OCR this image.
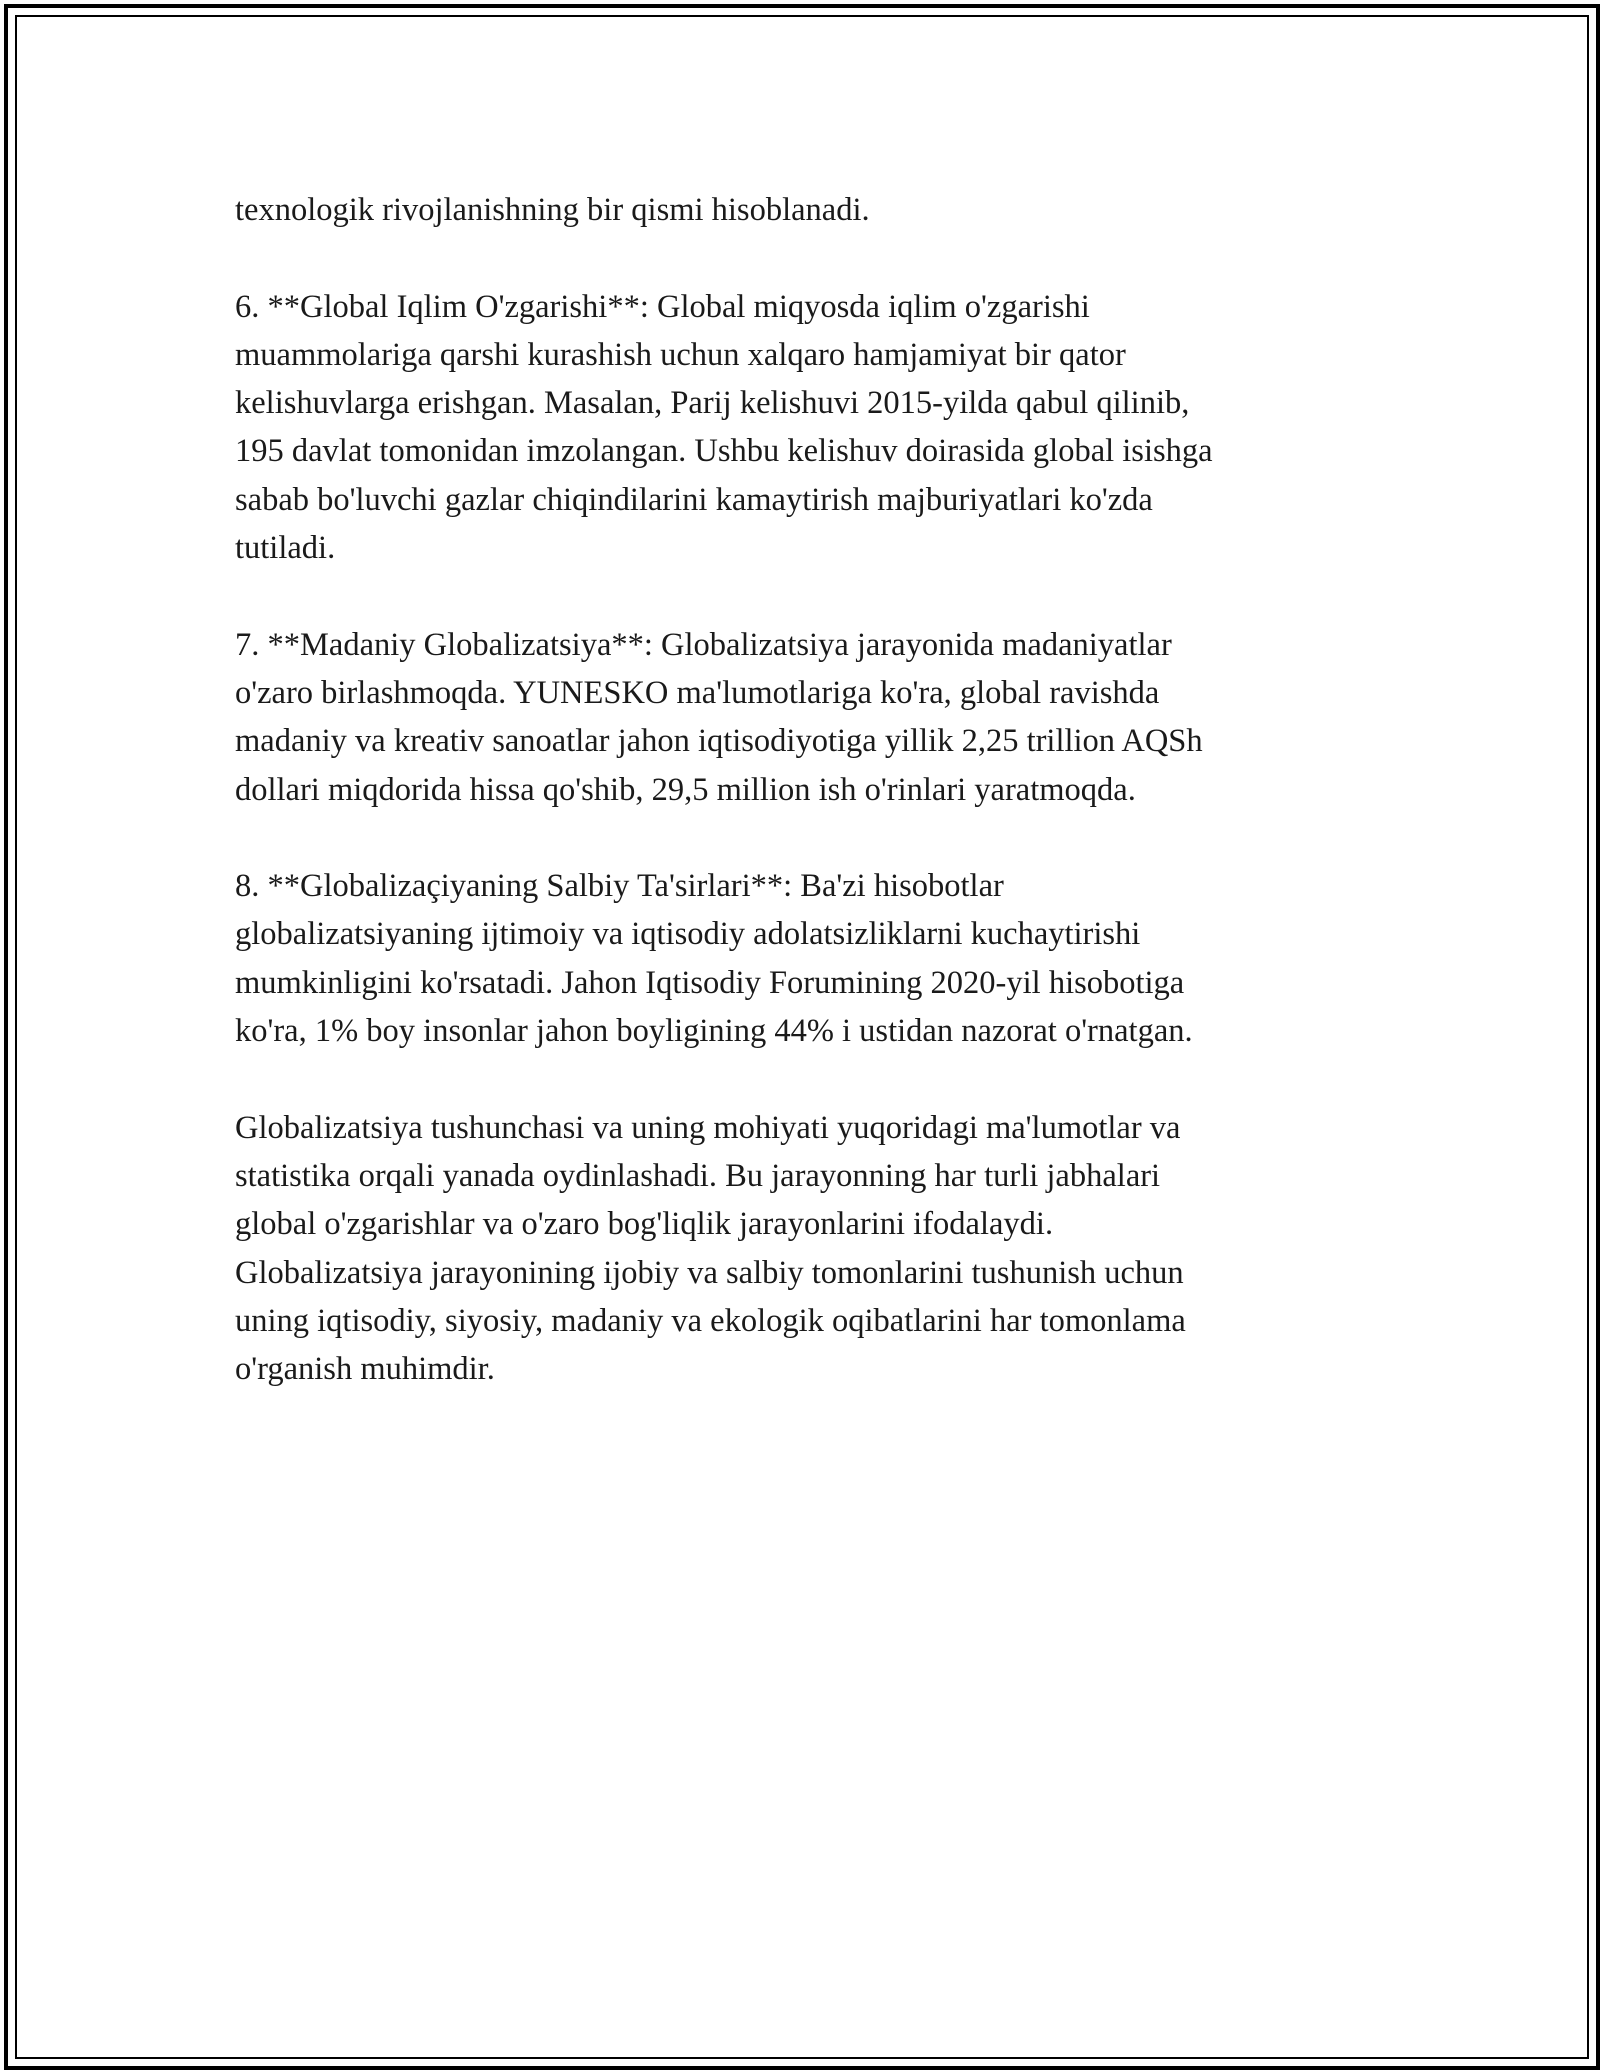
texnologik rivojlanishning bir qismi hisoblanadi.

6. **Global Iqlim O'zgarishi**: Global miqyosda iqlim o'zgarishi
muammolariga qarshi kurashish uchun xalqaro hamjamiyat bir qator
kelishuvlarga erishgan. Masalan, Parij kelishuvi 2015-yilda qabul qilinib,
195 davlat tomonidan imzolangan. Ushbu kelishuv doirasida global isishga
sabab bo'luvchi gazlar chiqindilarini kamaytirish majburiyatlari ko'zda
tutiladi.

7. **Madaniy Globalizatsiya**: Globalizatsiya jarayonida madaniyatlar
o'zaro birlashmoqda. YUNESKO ma'lumotlariga ko'ra, global ravishda
madaniy va kreativ sanoatlar jahon iqtisodiyotiga yillik 2,25 trillion AQSh
dollari miqdorida hissa qo'shib, 29,5 million ish o'rinlari yaratmoqda.

8. **Globalizaçiyaning Salbiy Ta'sirlari**: Ba'zi hisobotlar
globalizatsiyaning ijtimoiy va iqtisodiy adolatsizliklarni kuchaytirishi
mumkinligini ko'rsatadi. Jahon Iqtisodiy Forumining 2020-yil hisobotiga
ko'ra, 1% boy insonlar jahon boyligining 44% i ustidan nazorat o'rnatgan.

Globalizatsiya tushunchasi va uning mohiyati yuqoridagi ma'lumotlar va
statistika orqali yanada oydinlashadi. Bu jarayonning har turli jabhalari
global o'zgarishlar va o'zaro bog'liqlik jarayonlarini ifodalaydi.
Globalizatsiya jarayonining ijobiy va salbiy tomonlarini tushunish uchun
uning iqtisodiy, siyosiy, madaniy va ekologik oqibatlarini har tomonlama
o'rganish muhimdir.
